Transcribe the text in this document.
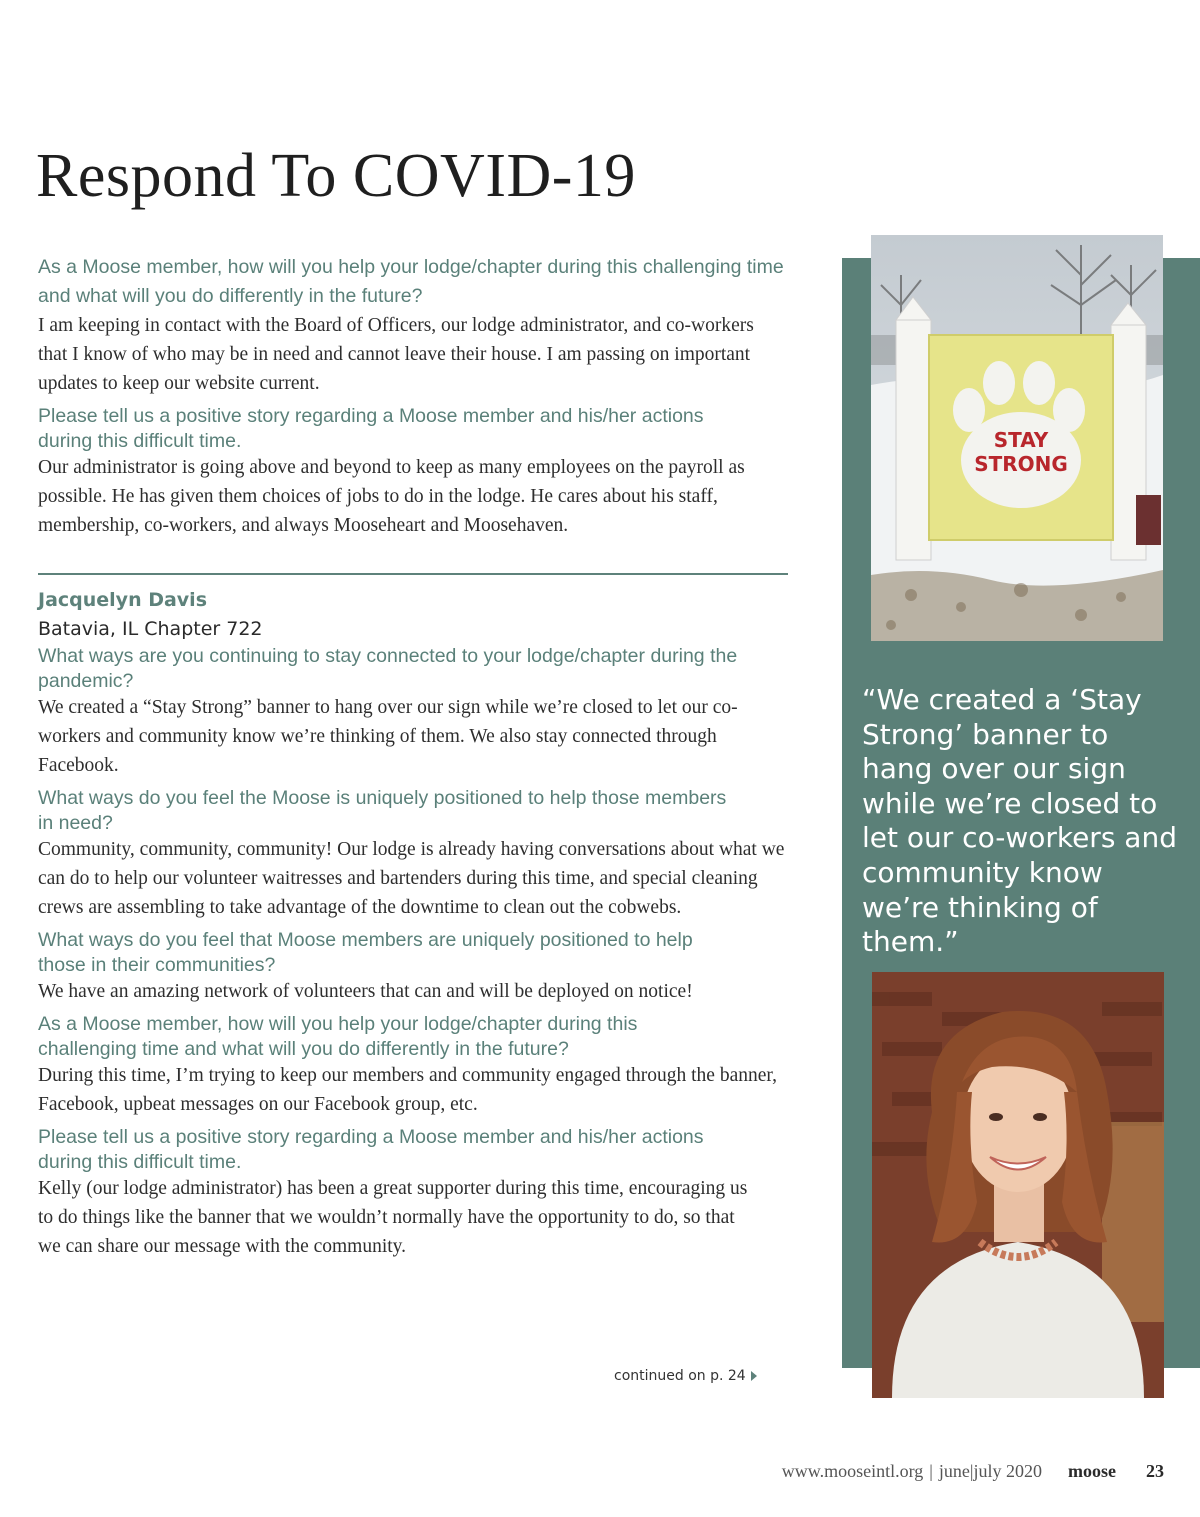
Respond To COVID-19

As a Moose member, how will you help your lodge/chapter during this challenging time and what will you do differently in the future?

I am keeping in contact with the Board of Officers, our lodge administrator, and co-workers that I know of who may be in need and cannot leave their house. I am passing on important updates to keep our website current.

Please tell us a positive story regarding a Moose member and his/her actions during this difficult time.

Our administrator is going above and beyond to keep as many employees on the payroll as possible. He has given them choices of jobs to do in the lodge. He cares about his staff, membership, co-workers, and always Mooseheart and Moosehaven.

Jacquelyn Davis

Batavia, IL Chapter 722

What ways are you continuing to stay connected to your lodge/chapter during the pandemic?

We created a “Stay Strong” banner to hang over our sign while we’re closed to let our co-workers and community know we’re thinking of them. We also stay connected through Facebook.

What ways do you feel the Moose is uniquely positioned to help those members in need?

Community, community, community! Our lodge is already having conversations about what we can do to help our volunteer waitresses and bartenders during this time, and special cleaning crews are assembling to take advantage of the downtime to clean out the cobwebs.

What ways do you feel that Moose members are uniquely positioned to help those in their communities?

We have an amazing network of volunteers that can and will be deployed on notice!

As a Moose member, how will you help your lodge/chapter during this challenging time and what will you do differently in the future?

During this time, I’m trying to keep our members and community engaged through the banner, Facebook, upbeat messages on our Facebook group, etc.

Please tell us a positive story regarding a Moose member and his/her actions during this difficult time.

Kelly (our lodge administrator) has been a great supporter during this time, encouraging us to do things like the banner that we wouldn’t normally have the opportunity to do, so that we can share our message with the community.

continued on p. 24
STAY
STRONG

“We created a ‘Stay Strong’ banner to hang over our sign while we’re closed to let our co-workers and community know we’re thinking of them.”

www.mooseintl.org | june|july 2020 moose 23
